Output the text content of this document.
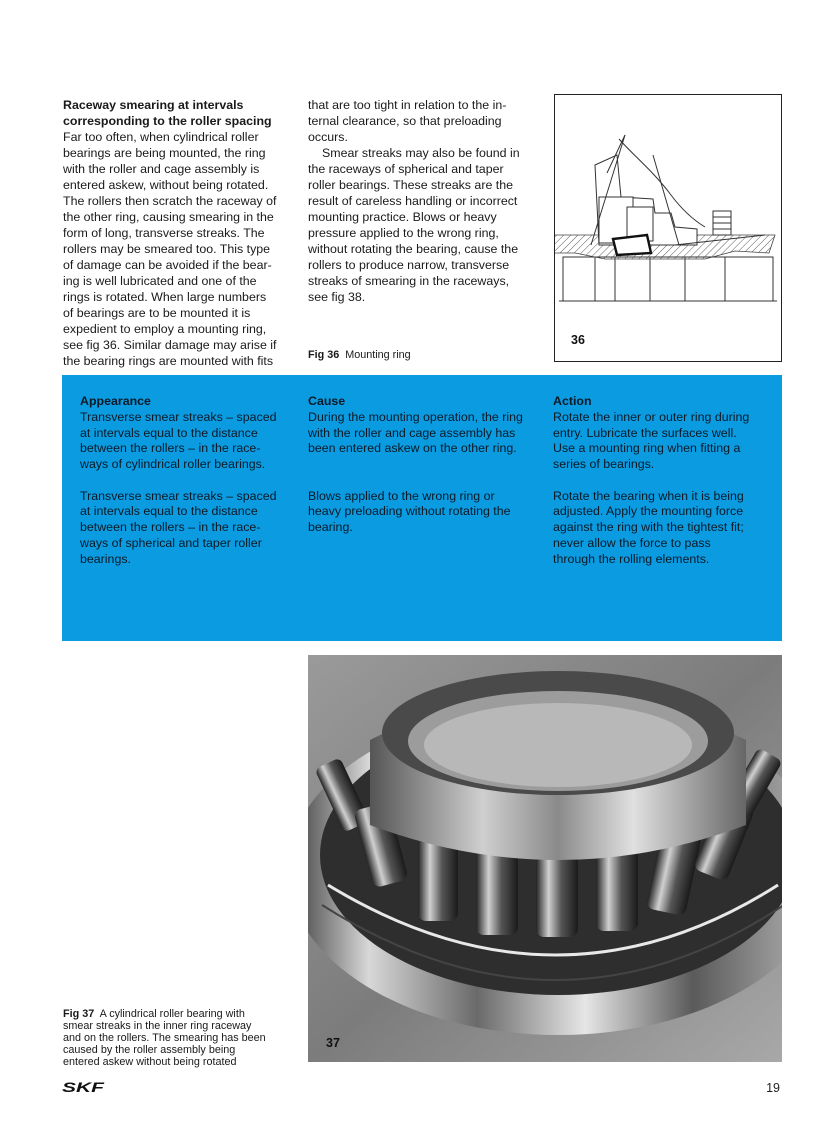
Raceway smearing at intervals
corresponding to the roller spacing

Far too often, when cylindrical roller
bearings are being mounted, the ring
with the roller and cage assembly is
entered askew, without being rotated.
The rollers then scratch the raceway of
the other ring, causing smearing in the
form of long, transverse streaks. The
rollers may be smeared too. This type
of damage can be avoided if the bear-
ing is well lubricated and one of the
rings is rotated. When large numbers
of bearings are to be mounted it is
expedient to employ a mounting ring,
see fig 36. Similar damage may arise if
the bearing rings are mounted with fits

that are too tight in relation to the in-
ternal clearance, so that preloading
occurs.

Smear streaks may also be found in
the raceways of spherical and taper
roller bearings. These streaks are the
result of careless handling or incorrect
mounting practice. Blows or heavy
pressure applied to the wrong ring,
without rotating the bearing, cause the
rollers to produce narrow, transverse
streaks of smearing in the raceways,
see fig 38.

Fig 36 Mounting ring
36

Appearance

Transverse smear streaks – spaced
at intervals equal to the distance
between the rollers – in the race-
ways of cylindrical roller bearings.

Transverse smear streaks – spaced
at intervals equal to the distance
between the rollers – in the race-
ways of spherical and taper roller
bearings.

Cause

During the mounting operation, the ring
with the roller and cage assembly has
been entered askew on the other ring.

Blows applied to the wrong ring or
heavy preloading without rotating the
bearing.

Action

Rotate the inner or outer ring during
entry. Lubricate the surfaces well.
Use a mounting ring when fitting a
series of bearings.

Rotate the bearing when it is being
adjusted. Apply the mounting force
against the ring with the tightest fit;
never allow the force to pass
through the rolling elements.

37
Fig 37 A cylindrical roller bearing with
smear streaks in the inner ring raceway
and on the rollers. The smearing has been
caused by the roller assembly being
entered askew without being rotated
SKF	19
